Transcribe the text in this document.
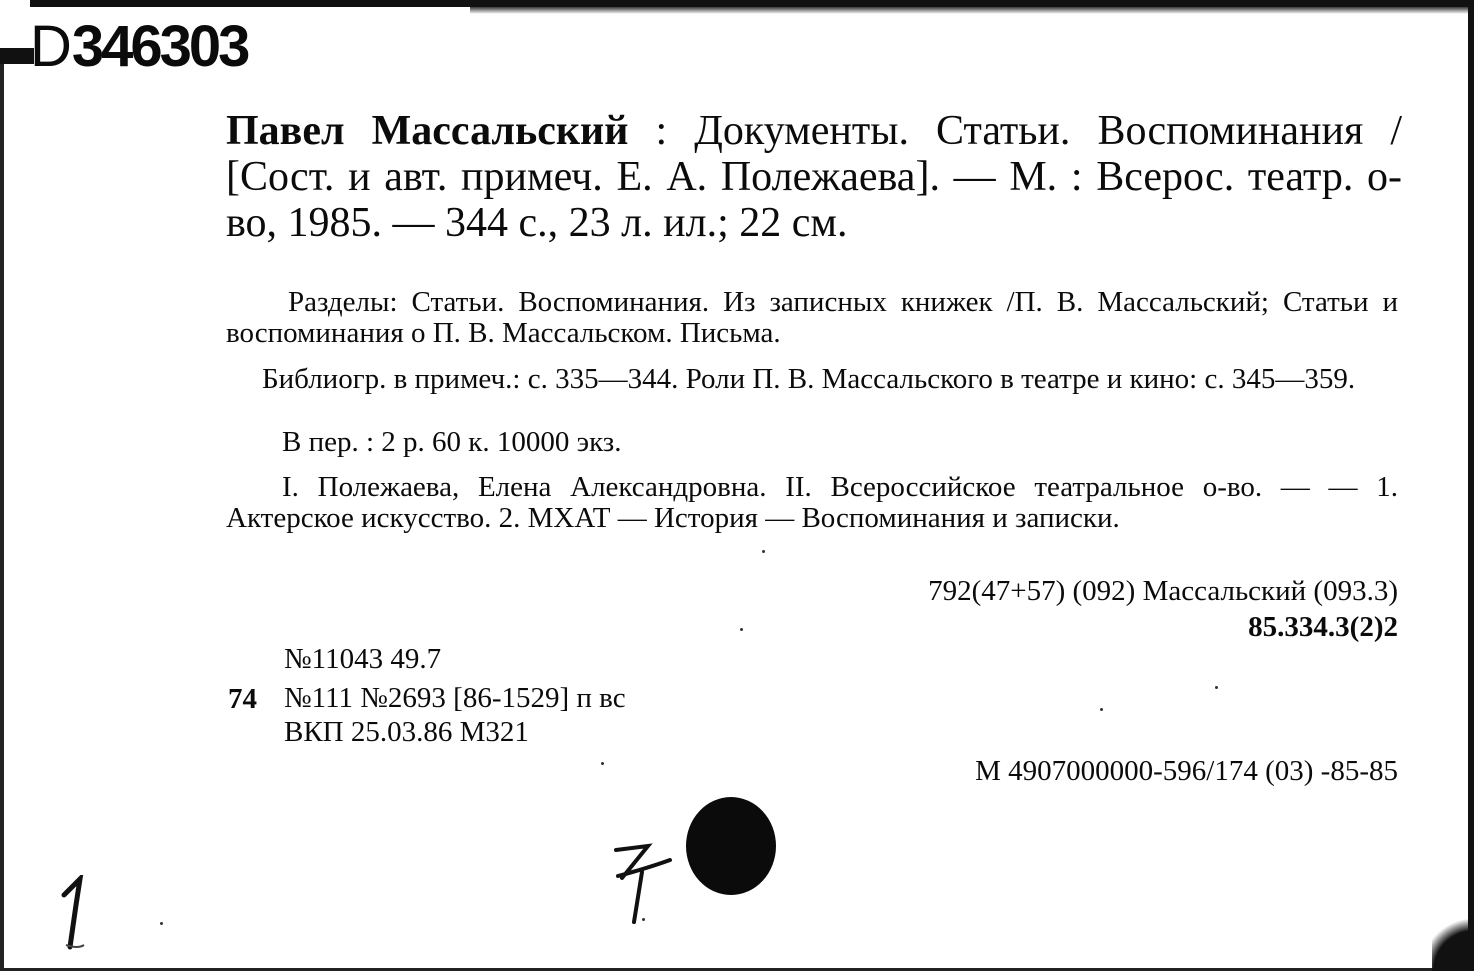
D346303
Павел Массальский : Документы. Статьи. Воспоминания / [Сост. и авт. примеч. Е. А. Полежаева]. — М. : Всерос. театр. о-во, 1985. — 344 с., 23 л. ил.; 22 см.
Разделы: Статьи. Воспоминания. Из записных книжек /П. В. Массальский; Статьи и воспоминания о П. В. Массальском. Письма.
Библиогр. в примеч.: с. 335—344. Роли П. В. Массальского в театре и кино: с. 345—359.
В пер. : 2 р. 60 к. 10000 экз.
I. Полежаева, Елена Александровна. II. Всероссийское театральное о-во. — — 1. Актерское искусство. 2. МХАТ — История — Воспоминания и записки.
792(47+57) (092) Массальский (093.3)
85.334.3(2)2
№11043 49.7
74 №111 №2693 [86-1529] п вс
ВКП 25.03.86 М321
М 4907000000-596/174 (03) -85-85
